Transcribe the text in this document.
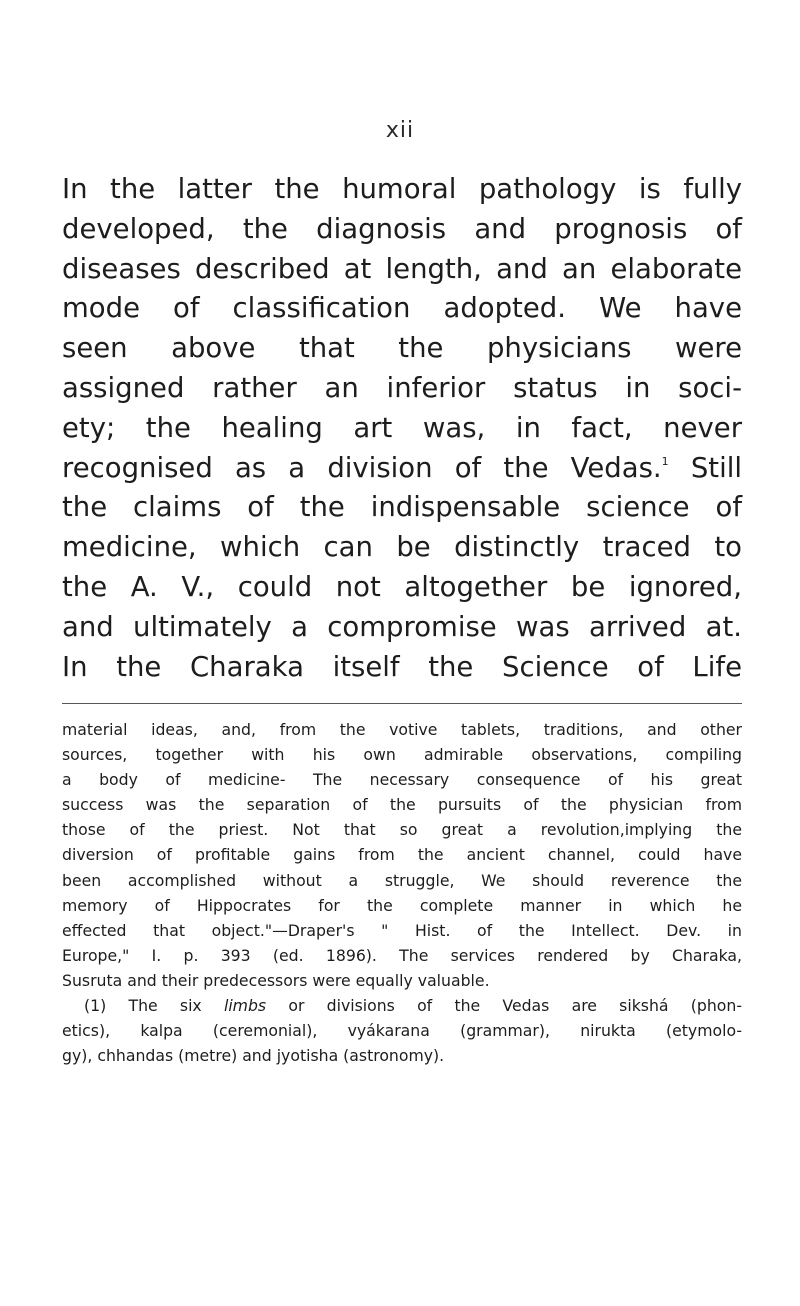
xii
In the latter the humoral pathology is fully
developed, the diagnosis and prognosis of
diseases described at length, and an elaborate
mode of classification adopted. We have
seen above that the physicians were
assigned rather an inferior status in soci-
ety; the healing art was, in fact, never
recognised as a division of the Vedas.$^1$ Still
the claims of the indispensable science of
medicine, which can be distinctly traced to
the A. V., could not altogether be ignored,
and ultimately a compromise was arrived at.
In the Charaka itself the Science of Life
material ideas, and, from the votive tablets, traditions, and other
sources, together with his own admirable observations, compiling
a body of medicine- The necessary consequence of his great
success was the separation of the pursuits of the physician from
those of the priest. Not that so great a revolution,implying the
diversion of profitable gains from the ancient channel, could have
been accomplished without a struggle, We should reverence the
memory of Hippocrates for the complete manner in which he
effected that object."—Draper's " Hist. of the Intellect. Dev. in
Europe," I. p. 393 (ed. 1896). The services rendered by Charaka,
Susruta and their predecessors were equally valuable.
(1) The six limbs or divisions of the Vedas are sikshá (phon-
etics), kalpa (ceremonial), vyákarana (grammar), nirukta (etymolo-
gy), chhandas (metre) and jyotisha (astronomy).
